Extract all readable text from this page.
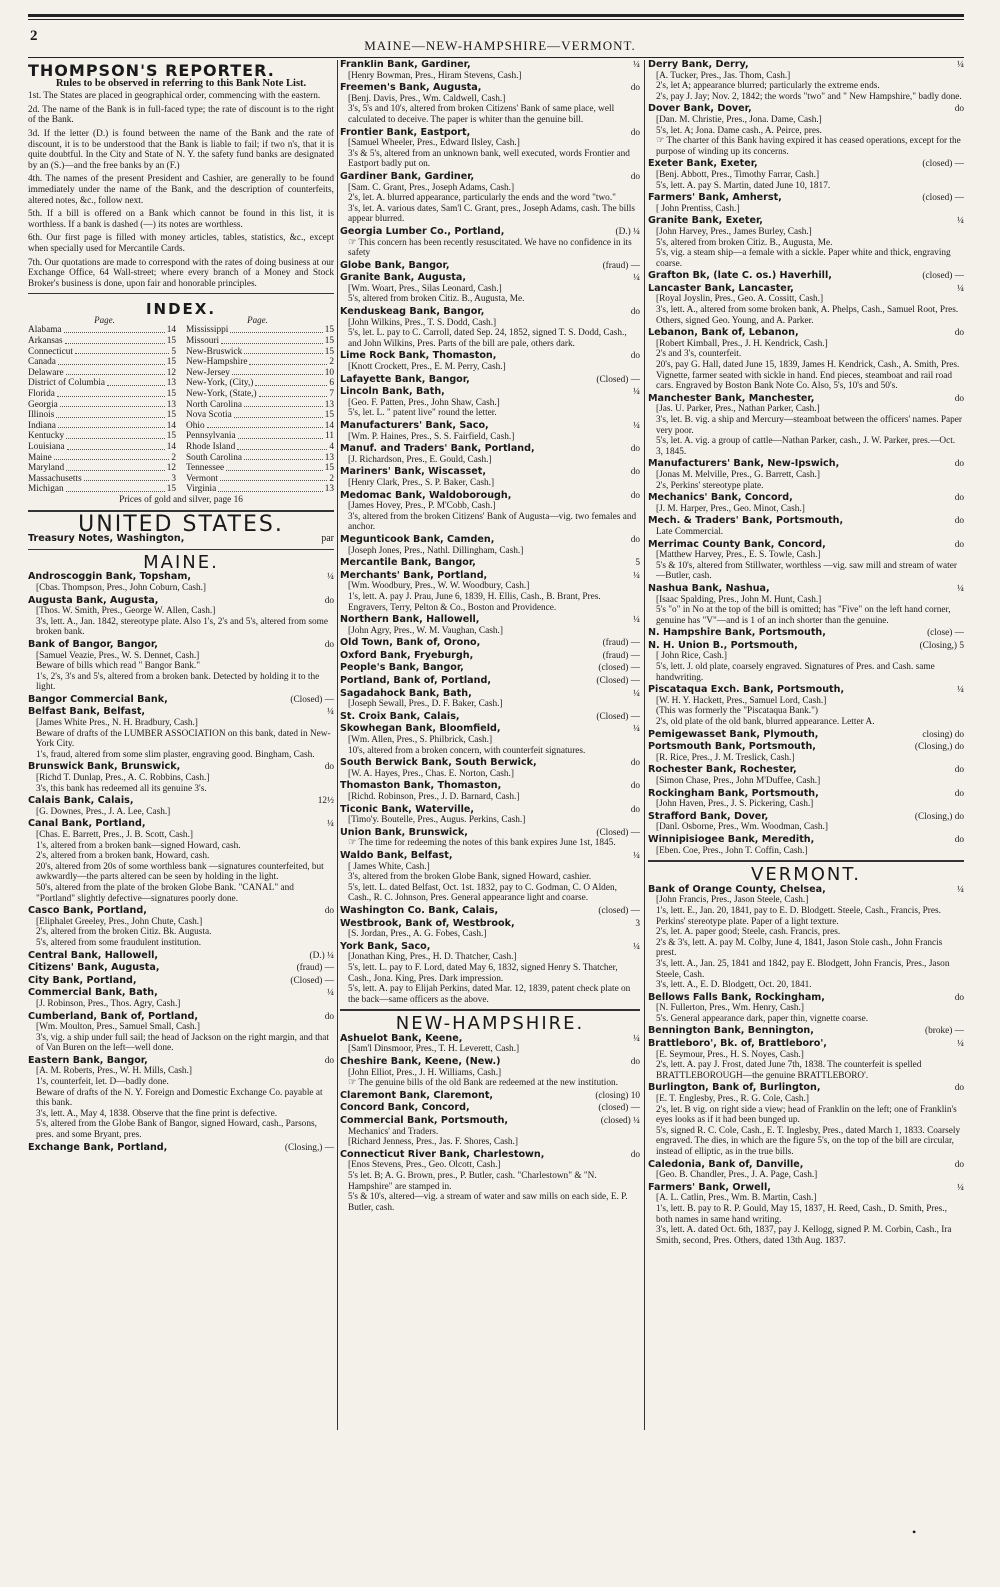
2
MAINE—NEW-HAMPSHIRE—VERMONT.
THOMPSON'S REPORTER.
Rules to be observed in referring to this Bank Note List.
1st. The States are placed in geographical order, commencing with the eastern.
2d. The name of the Bank is in full-faced type; the rate of discount is to the right of the Bank.
3d. If the letter (D.) is found between the name of the Bank and the rate of discount, it is to be understood that the Bank is liable to fail; if two n's, that it is quite doubtful. In the City and State of N. Y. the safety fund banks are designated by an (S.)—and the free banks by an (F.)
4th. The names of the present President and Cashier, are generally to be found immediately under the name of the Bank, and the description of counterfeits, altered notes, &c., follow next.
5th. If a bill is offered on a Bank which cannot be found in this list, it is worthless. If a bank is dashed (—) its notes are worthless.
6th. Our first page is filled with money articles, tables, statistics, &c., except when specially used for Mercantile Cards.
7th. Our quotations are made to correspond with the rates of doing business at our Exchange Office, 64 Wall-street; where every branch of a Money and Stock Broker's business is done, upon fair and honorable principles.
INDEX.
Page.	Page.
Alabama	14
Arkansas	15
Connecticut	5
Canada	15
Delaware	12
District of Columbia	13
Florida	15
Georgia	13
Illinois	15
Indiana	14
Kentucky	15
Louisiana	14
Maine	2
Maryland	12
Massachusetts	3
Michigan	15
Mississippi	15
Missouri	15
New-Bruswick	15
New-Hampshire	2
New-Jersey	10
New-York, (City,)	6
New-York, (State,)	7
North Carolina	13
Nova Scotia	15
Ohio	14
Pennsylvania	11
Rhode Island	4
South Carolina	13
Tennessee	15
Vermont	2
Virginia	13
Prices of gold and silver, page 16
UNITED STATES.
Treasury Notes, Washington,	par
MAINE.
Androscoggin Bank, Topsham,	¼
[Cbas. Thompson, Pres., John Coburn, Cash.]
Augusta Bank, Augusta,	do
[Thos. W. Smith, Pres., George W. Allen, Cash.]
3's, lett. A., Jan. 1842, stereotype plate. Also 1's, 2's and 5's, altered from some broken bank.
Bank of Bangor, Bangor,	do
[Samuel Veazie, Pres., W. S. Dennet, Cash.]
Beware of bills which read " Bangor Bank."
1's, 2's, 3's and 5's, altered from a broken bank. Detected by holding it to the light.
Bangor Commercial Bank,	(Closed) —
Belfast Bank, Belfast,	¼
[James White Pres., N. H. Bradbury, Cash.]
Beware of drafts of the LUMBER ASSOCIATION on this bank, dated in New-York City.
1's, fraud, altered from some slim plaster, engraving good. Bingham, Cash.
Brunswick Bank, Brunswick,	do
[Richd T. Dunlap, Pres., A. C. Robbins, Cash.]
3's, this bank has redeemed all its genuine 3's.
Calais Bank, Calais,	12½
[G. Downes, Pres., J. A. Lee, Cash.]
Canal Bank, Portland,	¼
[Chas. E. Barrett, Pres., J. B. Scott, Cash.]
1's, altered from a broken bank—signed Howard, cash.
2's, altered from a broken bank, Howard, cash.
20's, altered from 20s of some worthless bank —signatures counterfeited, but awkwardly—the parts altered can be seen by holding in the light.
50's, altered from the plate of the broken Globe Bank. "CANAL" and "Portland" slightly defective—signatures poorly done.
Casco Bank, Portland,	do
[Eliphalet Greeley, Pres., John Chute, Cash.]
2's, altered from the broken Citiz. Bk. Augusta.
5's, altered from some fraudulent institution.
Central Bank, Hallowell,	(D.) ¼
Citizens' Bank, Augusta,	(fraud) —
City Bank, Portland,	(Closed) —
Commercial Bank, Bath,	¼
[J. Robinson, Pres., Thos. Agry, Cash.]
Cumberland, Bank of, Portland,	do
[Wm. Moulton, Pres., Samuel Small, Cash.]
3's, vig. a ship under full sail; the head of Jackson on the right margin, and that of Van Buren on the left—well done.
Eastern Bank, Bangor,	do
[A. M. Roberts, Pres., W. H. Mills, Cash.]
1's, counterfeit, let. D—badly done.
Beware of drafts of the N. Y. Foreign and Domestic Exchange Co. payable at this bank.
3's, lett. A., May 4, 1838. Observe that the fine print is defective.
5's, altered from the Globe Bank of Bangor, signed Howard, cash., Parsons, pres. and some Bryant, pres.
Exchange Bank, Portland,	(Closing,) —
Franklin Bank, Gardiner,	¼
[Henry Bowman, Pres., Hiram Stevens, Cash.]
Freemen's Bank, Augusta,	do
[Benj. Davis, Pres., Wm. Caldwell, Cash.]
3's, 5's and 10's, altered from broken Citizens' Bank of same place, well calculated to deceive. The paper is whiter than the genuine bill.
Frontier Bank, Eastport,	do
[Samuel Wheeler, Pres., Edward Ilsley, Cash.]
3's & 5's, altered from an unknown bank, well executed, words Frontier and Eastport badly put on.
Gardiner Bank, Gardiner,	do
[Sam. C. Grant, Pres., Joseph Adams, Cash.]
2's, let. A. blurred appearance, particularly the ends and the word "two."
3's, let. A. various dates, Sam'l C. Grant, pres., Joseph Adams, cash. The bills appear blurred.
Georgia Lumber Co., Portland,	(D.) ¼
☞ This concern has been recently resuscitated. We have no confidence in its safety
Globe Bank, Bangor,	(fraud) —
Granite Bank, Augusta,	¼
[Wm. Woart, Pres., Silas Leonard, Cash.]
5's, altered from broken Citiz. B., Augusta, Me.
Kenduskeag Bank, Bangor,	do
[John Wilkins, Pres., T. S. Dodd, Cash.]
5's, let. L. pay to C. Carroll, dated Sep. 24, 1852, signed T. S. Dodd, Cash., and John Wilkins, Pres. Parts of the bill are pale, others dark.
Lime Rock Bank, Thomaston,	do
[Knott Crockett, Pres., E. M. Perry, Cash.]
Lafayette Bank, Bangor,	(Closed) —
Lincoln Bank, Bath,	¼
[Geo. F. Patten, Pres., John Shaw, Cash.]
5's, let. L. " patent live" round the letter.
Manufacturers' Bank, Saco,	¼
[Wm. P. Haines, Pres., S. S. Fairfield, Cash.]
Manuf. and Traders' Bank, Portland,	do
[J. Richardson, Pres., E. Gould, Cash.]
Mariners' Bank, Wiscasset,	do
[Henry Clark, Pres., S. P. Baker, Cash.]
Medomac Bank, Waldoborough,	do
[James Hovey, Pres., P. M'Cobb, Cash.]
3's, altered from the broken Citizens' Bank of Augusta—vig. two females and anchor.
Megunticook Bank, Camden,	do
[Joseph Jones, Pres., Nathl. Dillingham, Cash.]
Mercantile Bank, Bangor,	5
Merchants' Bank, Portland,	¼
[Wm. Woodbury, Pres., W. W. Woodbury, Cash.]
1's, lett. A. pay J. Prau, June 6, 1839, H. Ellis, Cash., B. Brant, Pres. Engravers, Terry, Pelton & Co., Boston and Providence.
Northern Bank, Hallowell,	¼
[John Agry, Pres., W. M. Vaughan, Cash.]
Old Town, Bank of, Orono,	(fraud) —
Oxford Bank, Fryeburgh,	(fraud) —
People's Bank, Bangor,	(closed) —
Portland, Bank of, Portland,	(Closed) —
Sagadahock Bank, Bath,	¼
[Joseph Sewall, Pres., D. F. Baker, Cash.]
St. Croix Bank, Calais,	(Closed) —
Skowhegan Bank, Bloomfield,	¼
[Wm. Allen, Pres., S. Philbrick, Cash.]
10's, altered from a broken concern, with counterfeit signatures.
South Berwick Bank, South Berwick,	do
[W. A. Hayes, Pres., Chas. E. Norton, Cash.]
Thomaston Bank, Thomaston,	do
[Richd. Robinson, Pres., J. D. Barnard, Cash.]
Ticonic Bank, Waterville,	do
[Timo'y. Boutelle, Pres., Augus. Perkins, Cash.]
Union Bank, Brunswick,	(Closed) —
☞ The time for redeeming the notes of this bank expires June 1st, 1845.
Waldo Bank, Belfast,	¼
[ James White, Cash.]
3's, altered from the broken Globe Bank, signed Howard, cashier.
5's, lett. L. dated Belfast, Oct. 1st. 1832, pay to C. Godman, C. O Alden, Cash., R. C. Johnson, Pres. General appearance light and coarse.
Washington Co. Bank, Calais,	(closed) —
Westbrook, Bank of, Westbrook,	3
[S. Jordan, Pres., A. G. Fobes, Cash.]
York Bank, Saco,	¼
[Jonathan King, Pres., H. D. Thatcher, Cash.]
5's, lett. L. pay to F. Lord, dated May 6, 1832, signed Henry S. Thatcher, Cash., Jona. King, Pres. Dark impression.
5's, lett. A. pay to Elijah Perkins, dated Mar. 12, 1839, patent check plate on the back—same officers as the above.
NEW-HAMPSHIRE.
Ashuelot Bank, Keene,	¼
[Sam'l Dinsmoor, Pres., T. H. Leverett, Cash.]
Cheshire Bank, Keene, (New.)	do
[John Elliot, Pres., J. H. Williams, Cash.]
☞ The genuine bills of the old Bank are redeemed at the new institution.
Claremont Bank, Claremont,	(closing) 10
Concord Bank, Concord,	(closed) —
Commercial Bank, Portsmouth,	(closed) ¼
Mechanics' and Traders.
[Richard Jenness, Pres., Jas. F. Shores, Cash.]
Connecticut River Bank, Charlestown,	do
[Enos Stevens, Pres., Geo. Olcott, Cash.]
5's let. B; A. G. Brown, pres., P. Butler, cash. "Charlestown" & "N. Hampshire" are stamped in.
5's & 10's, altered—vig. a stream of water and saw mills on each side, E. P. Butler, cash.
Derry Bank, Derry,	¼
[A. Tucker, Pres., Jas. Thom, Cash.]
2's, let A; appearance blurred; particularly the extreme ends.
2's, pay J. Jay; Nov. 2, 1842; the words "two" and " New Hampshire," badly done.
Dover Bank, Dover,	do
[Dan. M. Christie, Pres., Jona. Dame, Cash.]
5's, let. A; Jona. Dame cash., A. Peirce, pres.
☞ The charter of this Bank having expired it has ceased operations, except for the purpose of winding up its concerns.
Exeter Bank, Exeter,	(closed) —
[Benj. Abbott, Pres., Timothy Farrar, Cash.]
5's, lett. A. pay S. Martin, dated June 10, 1817.
Farmers' Bank, Amherst,	(closed) —
[ John Prentiss, Cash.]
Granite Bank, Exeter,	¼
[John Harvey, Pres., James Burley, Cash.]
5's, altered from broken Citiz. B., Augusta, Me.
5's, vig. a steam ship—a female with a sickle. Paper white and thick, engraving coarse.
Grafton Bk, (late C. os.) Haverhill,	(closed) —
Lancaster Bank, Lancaster,	¼
[Royal Joyslin, Pres., Geo. A. Cossitt, Cash.]
3's, lett. A., altered from some broken bank, A. Phelps, Cash., Samuel Root, Pres. Others, signed Geo. Young, and A. Parker.
Lebanon, Bank of, Lebanon,	do
[Robert Kimball, Pres., J. H. Kendrick, Cash.]
2's and 3's, counterfeit.
20's, pay G. Hall, dated June 15, 1839, James H. Kendrick, Cash., A. Smith, Pres. Vignette, farmer seated with sickle in hand. End pieces, steamboat and rail road cars. Engraved by Boston Bank Note Co. Also, 5's, 10's and 50's.
Manchester Bank, Manchester,	do
[Jas. U. Parker, Pres., Nathan Parker, Cash.]
3's, let. B. vig. a ship and Mercury—steamboat between the officers' names. Paper very poor.
5's, let. A. vig. a group of cattle—Nathan Parker, cash., J. W. Parker, pres.—Oct. 3, 1845.
Manufacturers' Bank, New-Ipswich,	do
[Jonas M. Melville, Pres., G. Barrett, Cash.]
2's, Perkins' stereotype plate.
Mechanics' Bank, Concord,	do
[J. M. Harper, Pres., Geo. Minot, Cash.]
Mech. & Traders' Bank, Portsmouth,	do
Late Commercial.
Merrimac County Bank, Concord,	do
[Matthew Harvey, Pres., E. S. Towle, Cash.]
5's & 10's, altered from Stillwater, worthless —vig. saw mill and stream of water—Butler, cash.
Nashua Bank, Nashua,	¼
[Isaac Spalding, Pres., John M. Hunt, Cash.]
5's "o" in No at the top of the bill is omitted; has "Five" on the left hand corner, genuine has "V"—and is 1 of an inch shorter than the genuine.
N. Hampshire Bank, Portsmouth,	(close) —
N. H. Union B., Portsmouth,	(Closing,) 5
[ John Rice, Cash.]
5's, lett. J. old plate, coarsely engraved. Signatures of Pres. and Cash. same handwriting.
Piscataqua Exch. Bank, Portsmouth,	¼
[W. H. Y. Hackett, Pres., Samuel Lord, Cash.]
(This was formerly the "Piscataqua Bank.")
2's, old plate of the old bank, blurred appearance. Letter A.
Pemigewasset Bank, Plymouth,	closing) do
Portsmouth Bank, Portsmouth,	(Closing,) do
[R. Rice, Pres., J. M. Treslick, Cash.]
Rochester Bank, Rochester,	do
[Simon Chase, Pres., John M'Duffee, Cash.]
Rockingham Bank, Portsmouth,	do
[John Haven, Pres., J. S. Pickering, Cash.]
Strafford Bank, Dover,	(Closing,) do
[Danl. Osborne, Pres., Wm. Woodman, Cash.]
Winnipisiogee Bank, Meredith,	do
[Eben. Coe, Pres., John T. Coffin, Cash.]
VERMONT.
Bank of Orange County, Chelsea,	¼
[John Francis, Pres., Jason Steele, Cash.]
1's, lett. E., Jan. 20, 1841, pay to E. D. Blodgett. Steele, Cash., Francis, Pres. Perkins' stereotype plate. Paper of a light texture.
2's, let. A. paper good; Steele, cash. Francis, pres.
2's & 3's, lett. A. pay M. Colby, June 4, 1841, Jason Stole cash., John Francis prest.
3's, lett. A., Jan. 25, 1841 and 1842, pay E. Blodgett, John Francis, Pres., Jason Steele, Cash.
3's, lett. A., E. D. Blodgett, Oct. 20, 1841.
Bellows Falls Bank, Rockingham,	do
[N. Fullerton, Pres., Wm. Henry, Cash.]
5's. General appearance dark, paper thin, vignette coarse.
Bennington Bank, Bennington,	(broke) —
Brattleboro', Bk. of, Brattleboro',	¼
[E. Seymour, Pres., H. S. Noyes, Cash.]
2's, lett. A. pay J. Frost, dated June 7th, 1838. The counterfeit is spelled BRATTLEBOROUGH—the genuine BRATTLEBORO'.
Burlington, Bank of, Burlington,	do
[E. T. Englesby, Pres., R. G. Cole, Cash.]
2's, let. B vig. on right side a view; head of Franklin on the left; one of Franklin's eyes looks as if it had been bunged up.
5's, signed R. C. Cole, Cash., E. T. Inglesby, Pres., dated March 1, 1833. Coarsely engraved. The dies, in which are the figure 5's, on the top of the bill are circular, instead of elliptic, as in the true bills.
Caledonia, Bank of, Danville,	do
[Geo. B. Chandler, Pres., J. A. Page, Cash.]
Farmers' Bank, Orwell,	¼
[A. L. Catlin, Pres., Wm. B. Martin, Cash.]
1's, lett. B. pay to R. P. Gould, May 15, 1837, H. Reed, Cash., D. Smith, Pres., both names in same hand writing.
3's, lett. A. dated Oct. 6th, 1837, pay J. Kellogg, signed P. M. Corbin, Cash., Ira Smith, second, Pres. Others, dated 13th Aug. 1837.
•
